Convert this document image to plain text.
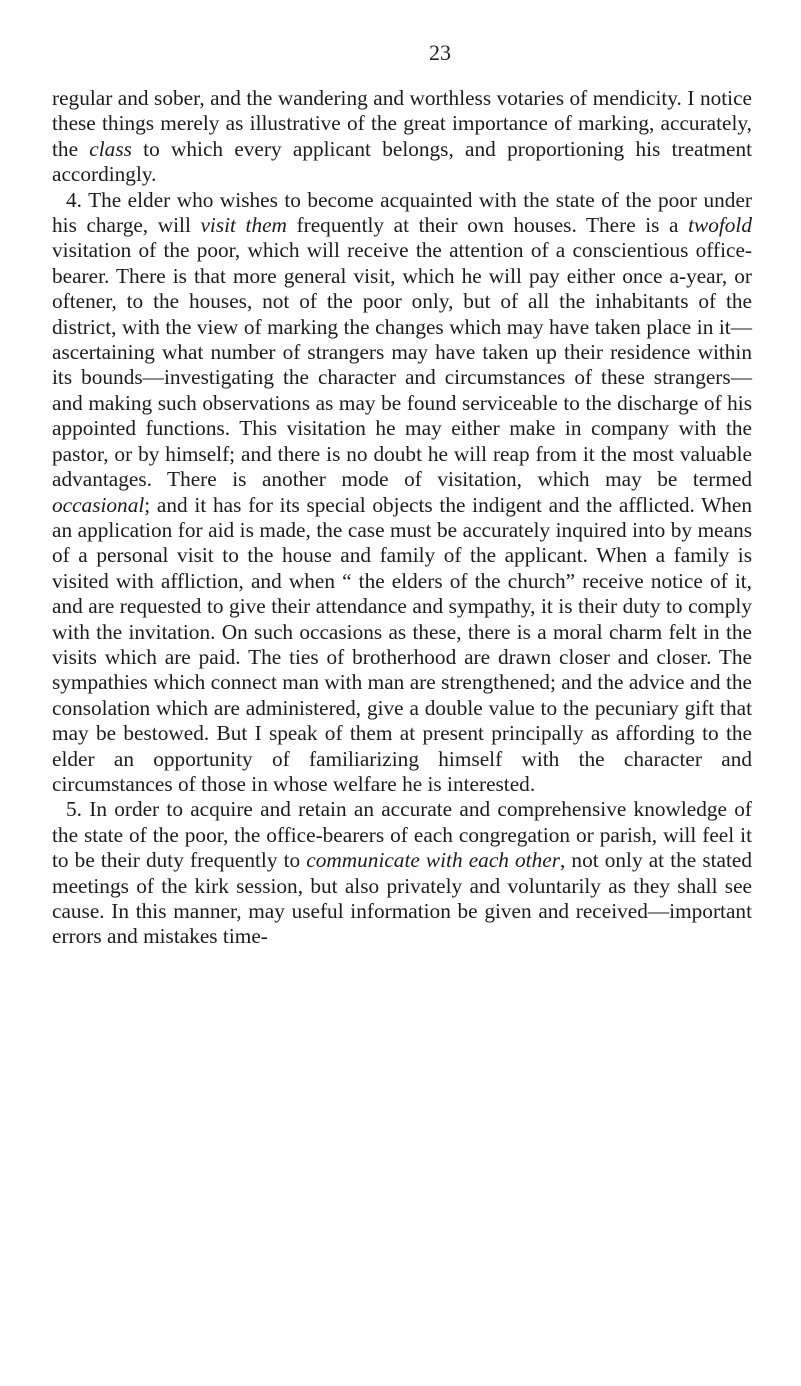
23

regular and sober, and the wandering and worthless votaries of mendicity. I notice these things merely as illustrative of the great importance of marking, accurately, the class to which every applicant belongs, and proportioning his treatment accordingly.

4. The elder who wishes to become acquainted with the state of the poor under his charge, will visit them frequently at their own houses. There is a twofold visitation of the poor, which will receive the attention of a conscientious office-bearer. There is that more general visit, which he will pay either once a-year, or oftener, to the houses, not of the poor only, but of all the inhabitants of the district, with the view of marking the changes which may have taken place in it—ascertaining what number of strangers may have taken up their residence within its bounds—investigating the character and circumstances of these strangers—and making such observations as may be found serviceable to the discharge of his appointed functions. This visitation he may either make in company with the pastor, or by himself; and there is no doubt he will reap from it the most valuable advantages. There is another mode of visitation, which may be termed occasional; and it has for its special objects the indigent and the afflicted. When an application for aid is made, the case must be accurately inquired into by means of a personal visit to the house and family of the applicant. When a family is visited with affliction, and when “ the elders of the church” receive notice of it, and are requested to give their attendance and sympathy, it is their duty to comply with the invitation. On such occasions as these, there is a moral charm felt in the visits which are paid. The ties of brotherhood are drawn closer and closer. The sympathies which connect man with man are strengthened; and the advice and the consolation which are administered, give a double value to the pecuniary gift that may be bestowed. But I speak of them at present principally as affording to the elder an opportunity of familiarizing himself with the character and circumstances of those in whose welfare he is interested.

5. In order to acquire and retain an accurate and comprehensive knowledge of the state of the poor, the office-bearers of each congregation or parish, will feel it to be their duty frequently to communicate with each other, not only at the stated meetings of the kirk session, but also privately and voluntarily as they shall see cause. In this manner, may useful information be given and received—important errors and mistakes time-
